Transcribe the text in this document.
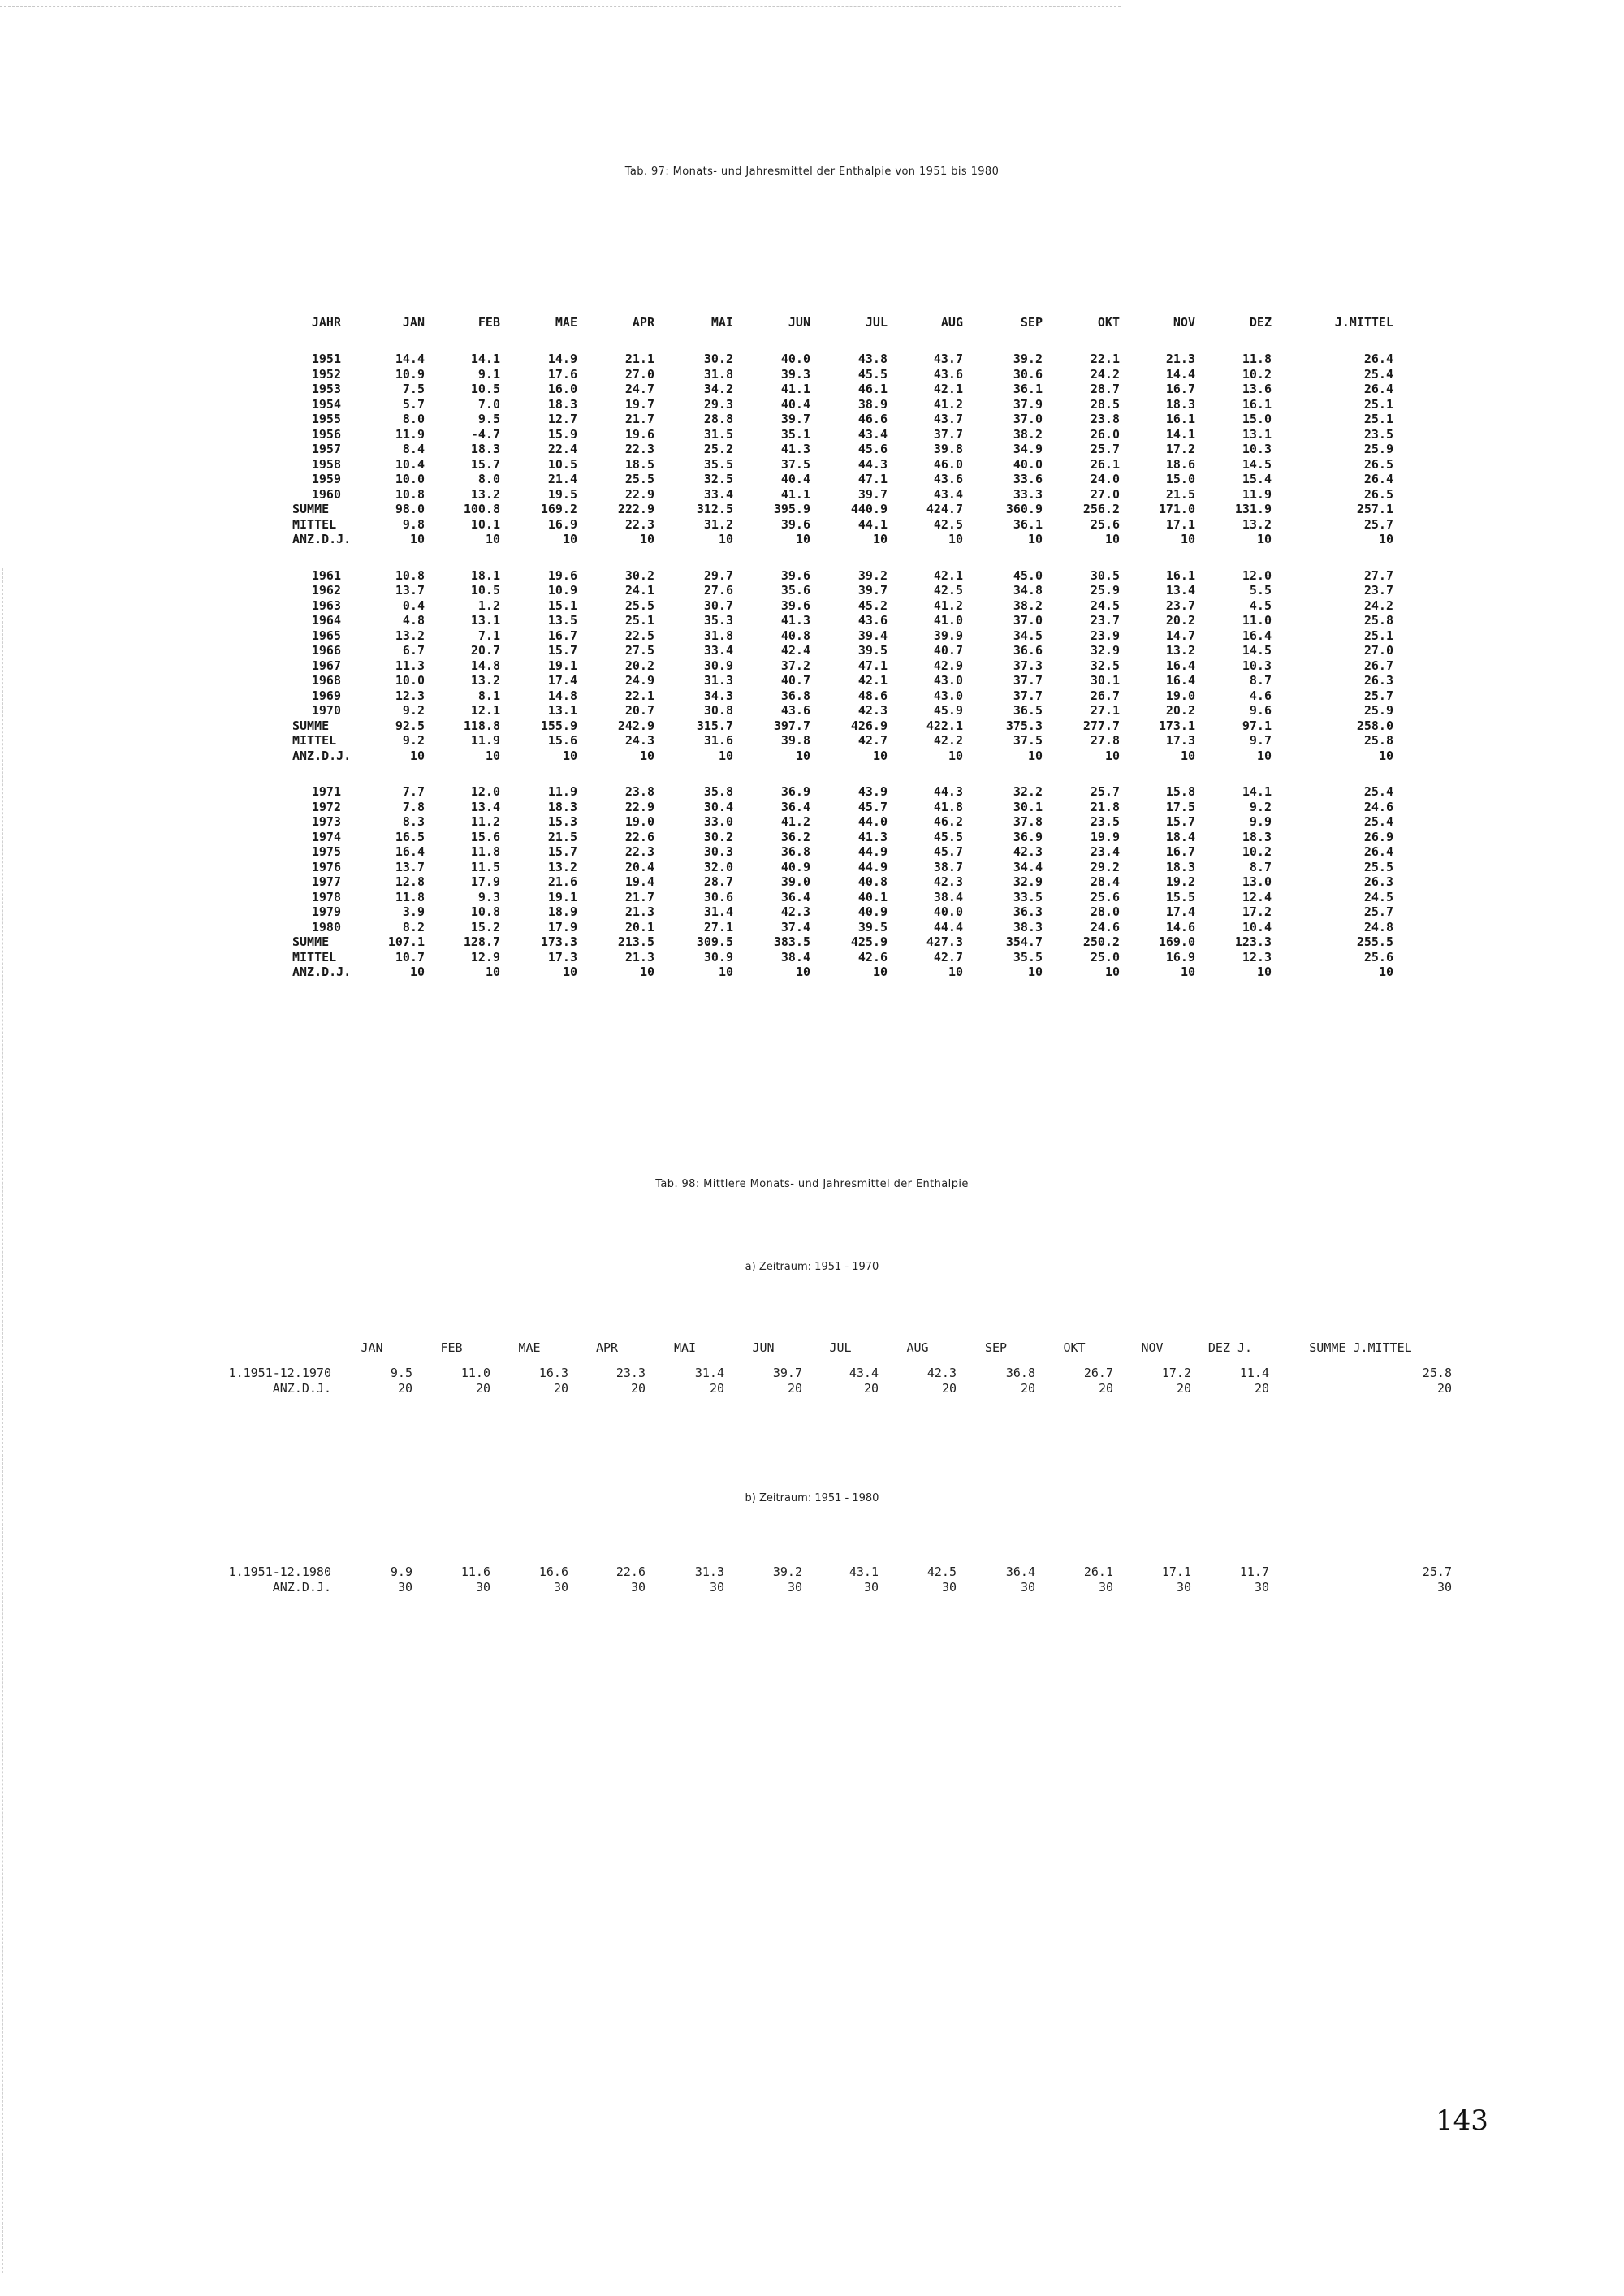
Tab. 97: Monats- und Jahresmittel der Enthalpie von 1951 bis 1980
JAHR	JAN	FEB	MAE	APR	MAI	JUN	JUL	AUG	SEP	OKT	NOV	DEZ	J.MITTEL

1951	14.4	14.1	14.9	21.1	30.2	40.0	43.8	43.7	39.2	22.1	21.3	11.8	26.4
1952	10.9	9.1	17.6	27.0	31.8	39.3	45.5	43.6	30.6	24.2	14.4	10.2	25.4
1953	7.5	10.5	16.0	24.7	34.2	41.1	46.1	42.1	36.1	28.7	16.7	13.6	26.4
1954	5.7	7.0	18.3	19.7	29.3	40.4	38.9	41.2	37.9	28.5	18.3	16.1	25.1
1955	8.0	9.5	12.7	21.7	28.8	39.7	46.6	43.7	37.0	23.8	16.1	15.0	25.1
1956	11.9	-4.7	15.9	19.6	31.5	35.1	43.4	37.7	38.2	26.0	14.1	13.1	23.5
1957	8.4	18.3	22.4	22.3	25.2	41.3	45.6	39.8	34.9	25.7	17.2	10.3	25.9
1958	10.4	15.7	10.5	18.5	35.5	37.5	44.3	46.0	40.0	26.1	18.6	14.5	26.5
1959	10.0	8.0	21.4	25.5	32.5	40.4	47.1	43.6	33.6	24.0	15.0	15.4	26.4
1960	10.8	13.2	19.5	22.9	33.4	41.1	39.7	43.4	33.3	27.0	21.5	11.9	26.5
SUMME	98.0	100.8	169.2	222.9	312.5	395.9	440.9	424.7	360.9	256.2	171.0	131.9	257.1
MITTEL	9.8	10.1	16.9	22.3	31.2	39.6	44.1	42.5	36.1	25.6	17.1	13.2	25.7
ANZ.D.J.	10	10	10	10	10	10	10	10	10	10	10	10	10

1961	10.8	18.1	19.6	30.2	29.7	39.6	39.2	42.1	45.0	30.5	16.1	12.0	27.7
1962	13.7	10.5	10.9	24.1	27.6	35.6	39.7	42.5	34.8	25.9	13.4	5.5	23.7
1963	0.4	1.2	15.1	25.5	30.7	39.6	45.2	41.2	38.2	24.5	23.7	4.5	24.2
1964	4.8	13.1	13.5	25.1	35.3	41.3	43.6	41.0	37.0	23.7	20.2	11.0	25.8
1965	13.2	7.1	16.7	22.5	31.8	40.8	39.4	39.9	34.5	23.9	14.7	16.4	25.1
1966	6.7	20.7	15.7	27.5	33.4	42.4	39.5	40.7	36.6	32.9	13.2	14.5	27.0
1967	11.3	14.8	19.1	20.2	30.9	37.2	47.1	42.9	37.3	32.5	16.4	10.3	26.7
1968	10.0	13.2	17.4	24.9	31.3	40.7	42.1	43.0	37.7	30.1	16.4	8.7	26.3
1969	12.3	8.1	14.8	22.1	34.3	36.8	48.6	43.0	37.7	26.7	19.0	4.6	25.7
1970	9.2	12.1	13.1	20.7	30.8	43.6	42.3	45.9	36.5	27.1	20.2	9.6	25.9
SUMME	92.5	118.8	155.9	242.9	315.7	397.7	426.9	422.1	375.3	277.7	173.1	97.1	258.0
MITTEL	9.2	11.9	15.6	24.3	31.6	39.8	42.7	42.2	37.5	27.8	17.3	9.7	25.8
ANZ.D.J.	10	10	10	10	10	10	10	10	10	10	10	10	10

1971	7.7	12.0	11.9	23.8	35.8	36.9	43.9	44.3	32.2	25.7	15.8	14.1	25.4
1972	7.8	13.4	18.3	22.9	30.4	36.4	45.7	41.8	30.1	21.8	17.5	9.2	24.6
1973	8.3	11.2	15.3	19.0	33.0	41.2	44.0	46.2	37.8	23.5	15.7	9.9	25.4
1974	16.5	15.6	21.5	22.6	30.2	36.2	41.3	45.5	36.9	19.9	18.4	18.3	26.9
1975	16.4	11.8	15.7	22.3	30.3	36.8	44.9	45.7	42.3	23.4	16.7	10.2	26.4
1976	13.7	11.5	13.2	20.4	32.0	40.9	44.9	38.7	34.4	29.2	18.3	8.7	25.5
1977	12.8	17.9	21.6	19.4	28.7	39.0	40.8	42.3	32.9	28.4	19.2	13.0	26.3
1978	11.8	9.3	19.1	21.7	30.6	36.4	40.1	38.4	33.5	25.6	15.5	12.4	24.5
1979	3.9	10.8	18.9	21.3	31.4	42.3	40.9	40.0	36.3	28.0	17.4	17.2	25.7
1980	8.2	15.2	17.9	20.1	27.1	37.4	39.5	44.4	38.3	24.6	14.6	10.4	24.8
SUMME	107.1	128.7	173.3	213.5	309.5	383.5	425.9	427.3	354.7	250.2	169.0	123.3	255.5
MITTEL	10.7	12.9	17.3	21.3	30.9	38.4	42.6	42.7	35.5	25.0	16.9	12.3	25.6
ANZ.D.J.	10	10	10	10	10	10	10	10	10	10	10	10	10
Tab. 98: Mittlere Monats- und Jahresmittel der Enthalpie
a) Zeitraum: 1951 - 1970
	JAN	FEB	MAE	APR	MAI	JUN	JUL	AUG	SEP	OKT	NOV	DEZ J.	SUMME J.MITTEL

1.1951-12.1970	9.5	11.0	16.3	23.3	31.4	39.7	43.4	42.3	36.8	26.7	17.2	11.4	25.8
ANZ.D.J.	20	20	20	20	20	20	20	20	20	20	20	20	20
b) Zeitraum: 1951 - 1980
1.1951-12.1980	9.9	11.6	16.6	22.6	31.3	39.2	43.1	42.5	36.4	26.1	17.1	11.7	25.7
ANZ.D.J.	30	30	30	30	30	30	30	30	30	30	30	30	30
143
